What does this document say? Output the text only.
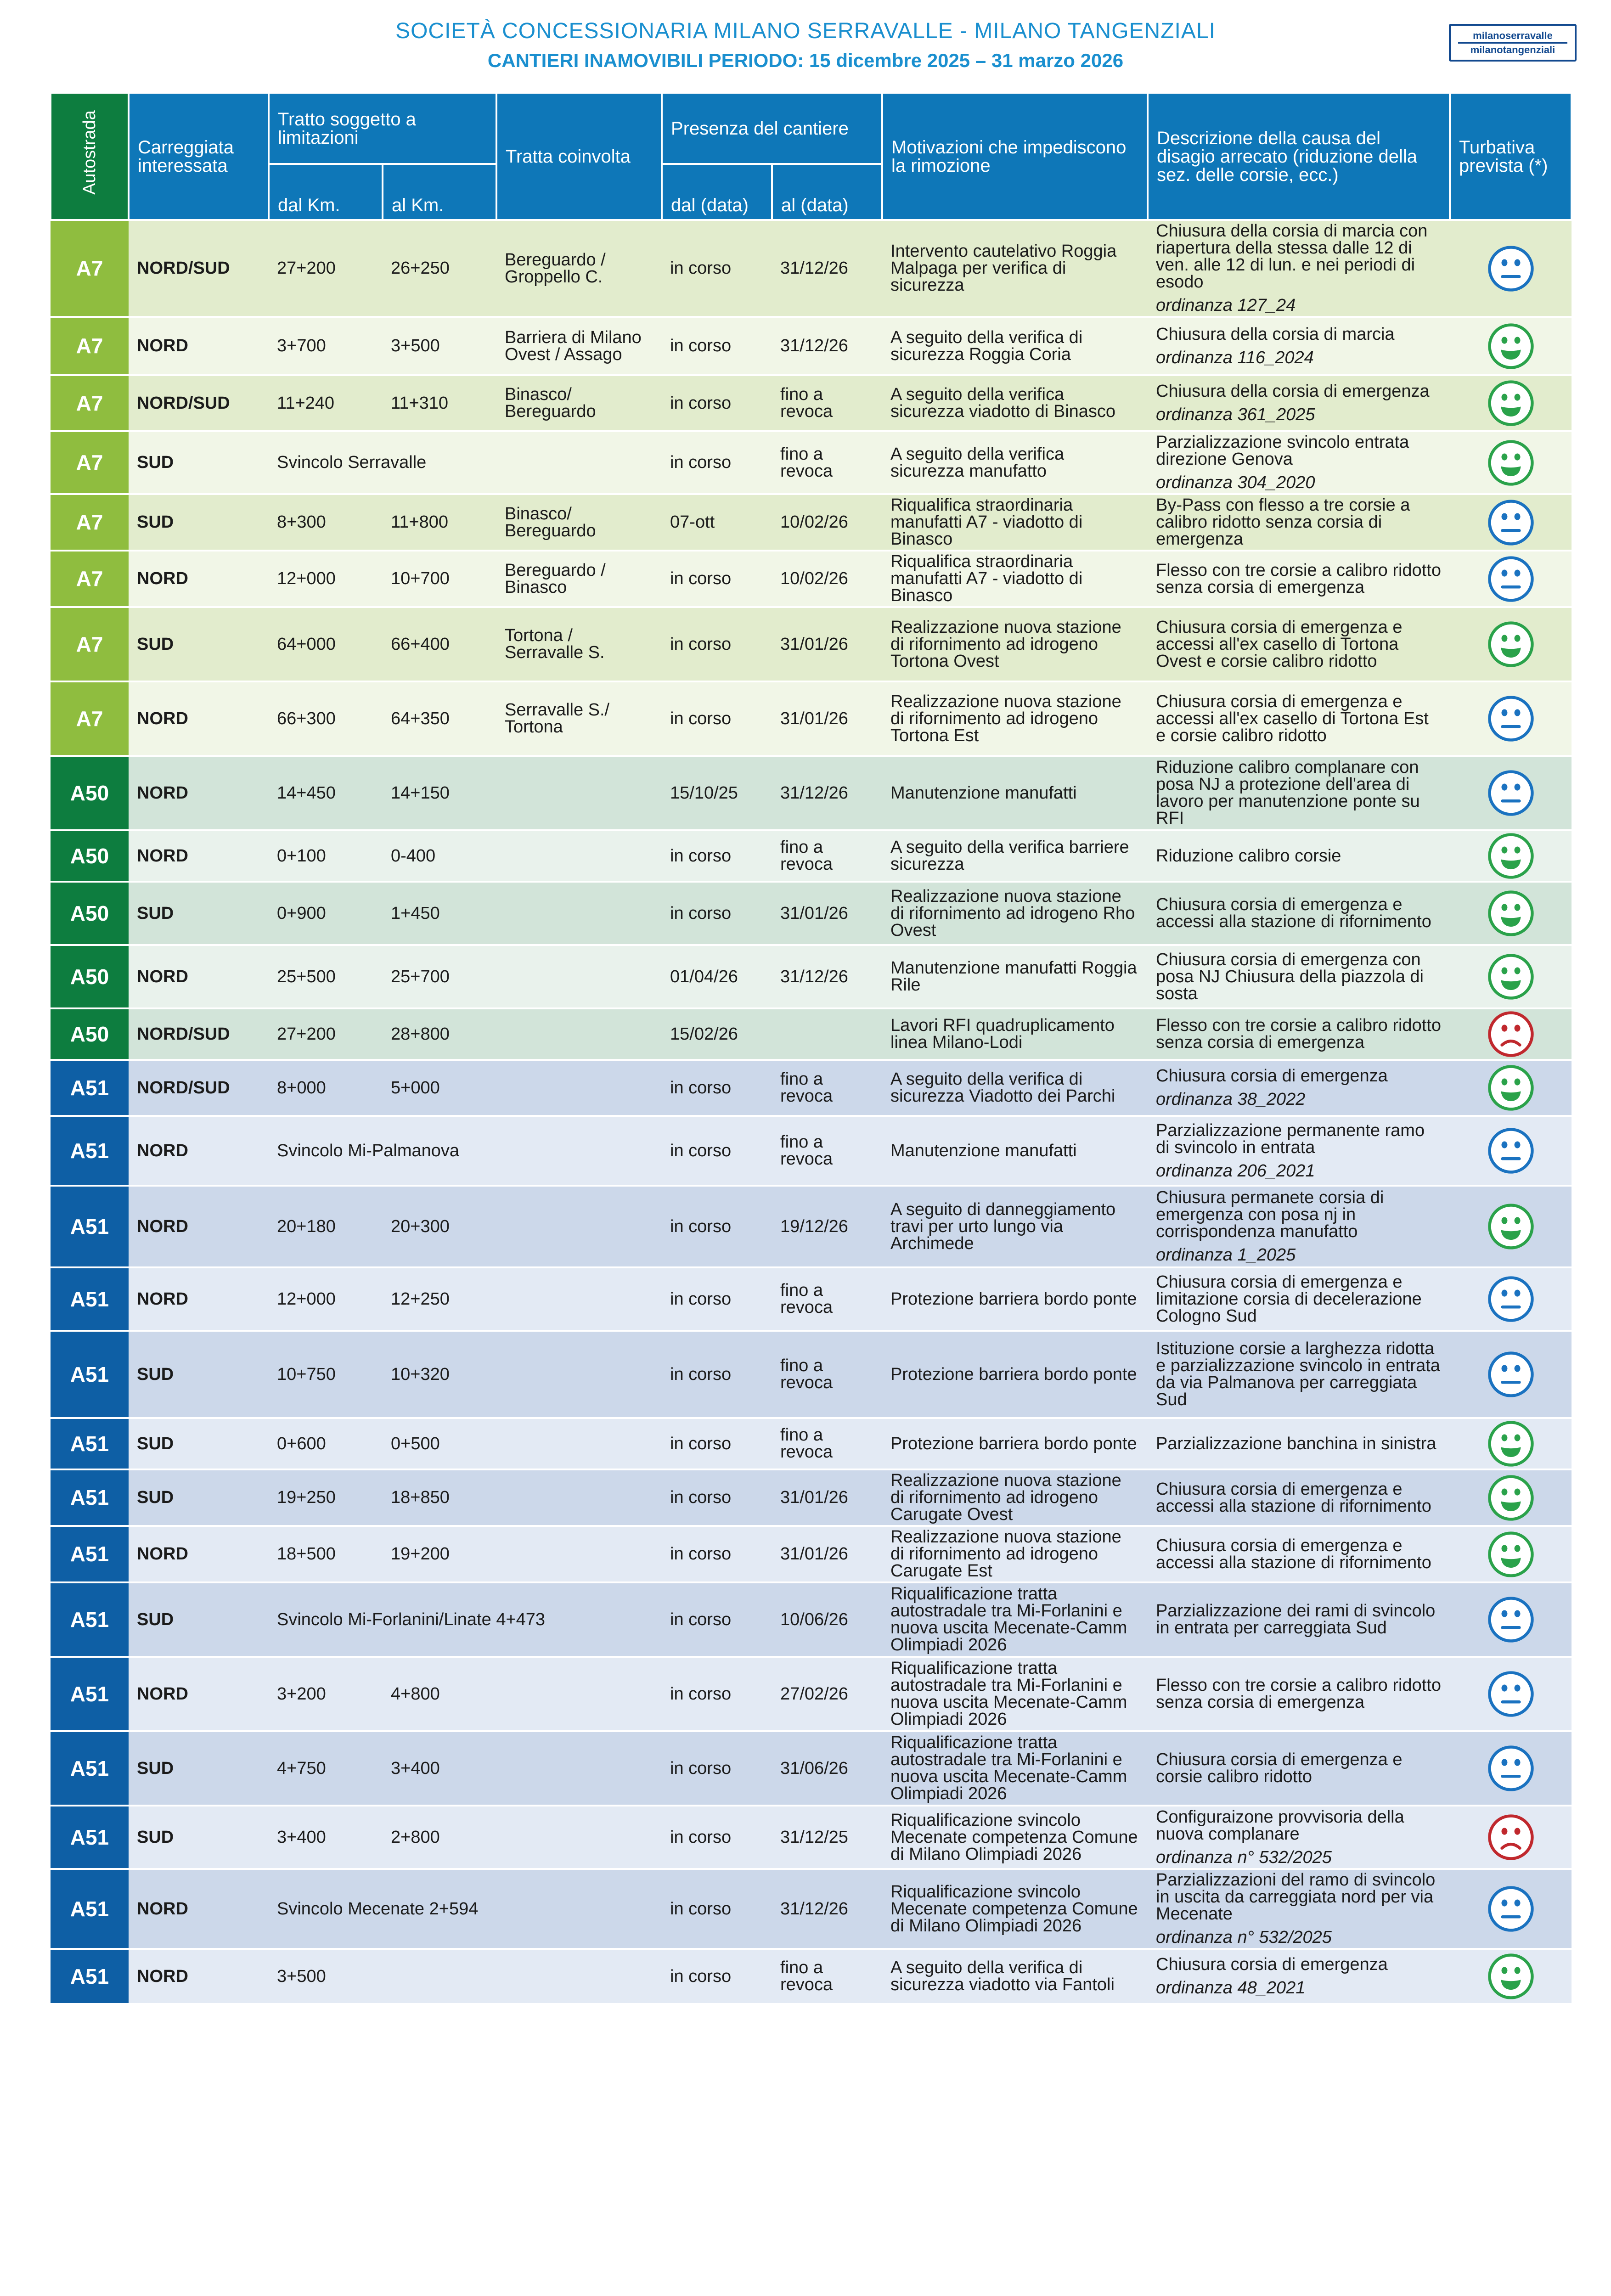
SOCIETÀ CONCESSIONARIA MILANO SERRAVALLE - MILANO TANGENZIALI
CANTIERI INAMOVIBILI PERIODO: 15 dicembre 2025 – 31 marzo 2026
milanoserravalle
milanotangenziali
Autostrada	Carreggiata interessata	Tratto soggetto a limitazioni		Tratta coinvolta	Presenza del cantiere		Motivazioni che impediscono la rimozione	Descrizione della causa del disagio arrecato (riduzione della sez. delle corsie, ecc.)	Turbativa prevista (*)
		dal Km.	al Km.		dal (data)	al (data)			
A7	NORD/SUD	27+200	26+250	Bereguardo / Groppello C.	in corso	31/12/26	Intervento cautelativo Roggia Malpaga per verifica di sicurezza	Chiusura della corsia di marcia con riapertura della stessa dalle 12 di ven. alle 12 di lun. e nei periodi di esodo
ordinanza 127_24

A7	NORD	3+700	3+500	Barriera di Milano Ovest / Assago	in corso	31/12/26	A seguito della verifica di sicurezza Roggia Coria	Chiusura della corsia di marcia
ordinanza 116_2024

A7	NORD/SUD	11+240	11+310	Binasco/ Bereguardo	in corso	fino a revoca	A seguito della verifica sicurezza viadotto di Binasco	Chiusura della corsia di emergenza
ordinanza 361_2025

A7	SUD	Svincolo Serravalle			in corso	fino a revoca	A seguito della verifica sicurezza manufatto	Parzializzazione svincolo entrata direzione Genova
ordinanza 304_2020

A7	SUD	8+300	11+800	Binasco/ Bereguardo	07-ott	10/02/26	Riqualifica straordinaria manufatti A7 - viadotto di Binasco	By-Pass con flesso a tre corsie a calibro ridotto senza corsia di emergenza	
A7	NORD	12+000	10+700	Bereguardo / Binasco	in corso	10/02/26	Riqualifica straordinaria manufatti A7 - viadotto di Binasco	Flesso con tre corsie a calibro ridotto senza corsia di emergenza	
A7	SUD	64+000	66+400	Tortona / Serravalle S.	in corso	31/01/26	Realizzazione nuova stazione di rifornimento ad idrogeno Tortona Ovest	Chiusura corsia di emergenza e accessi all'ex casello di Tortona Ovest e corsie calibro ridotto	
A7	NORD	66+300	64+350	Serravalle S./ Tortona	in corso	31/01/26	Realizzazione nuova stazione di rifornimento ad idrogeno Tortona Est	Chiusura corsia di emergenza e accessi all'ex casello di Tortona Est e corsie calibro ridotto	
A50	NORD	14+450	14+150		15/10/25	31/12/26	Manutenzione manufatti	Riduzione calibro complanare con posa NJ a protezione dell'area di lavoro per manutenzione ponte su RFI	
A50	NORD	0+100	0-400		in corso	fino a revoca	A seguito della verifica barriere sicurezza	Riduzione calibro corsie	
A50	SUD	0+900	1+450		in corso	31/01/26	Realizzazione nuova stazione di rifornimento ad idrogeno Rho Ovest	Chiusura corsia di emergenza e accessi alla stazione di rifornimento	
A50	NORD	25+500	25+700		01/04/26	31/12/26	Manutenzione manufatti Roggia Rile	Chiusura corsia di emergenza con posa NJ Chiusura della piazzola di sosta	
A50	NORD/SUD	27+200	28+800		15/02/26		Lavori RFI quadruplicamento linea Milano-Lodi	Flesso con tre corsie a calibro ridotto senza corsia di emergenza	
A51	NORD/SUD	8+000	5+000		in corso	fino a revoca	A seguito della verifica di sicurezza Viadotto dei Parchi	Chiusura corsia di emergenza
ordinanza 38_2022

A51	NORD	Svincolo Mi-Palmanova			in corso	fino a revoca	Manutenzione manufatti	Parzializzazione permanente ramo di svincolo in entrata
ordinanza 206_2021

A51	NORD	20+180	20+300		in corso	19/12/26	A seguito di danneggiamento travi per urto lungo via Archimede	Chiusura permanete corsia di emergenza con posa nj in corrispondenza manufatto
ordinanza 1_2025

A51	NORD	12+000	12+250		in corso	fino a revoca	Protezione barriera bordo ponte	Chiusura corsia di emergenza e limitazione corsia di decelerazione Cologno Sud	
A51	SUD	10+750	10+320		in corso	fino a revoca	Protezione barriera bordo ponte	Istituzione corsie a larghezza ridotta e parzializzazione svincolo in entrata da via Palmanova per carreggiata Sud	
A51	SUD	0+600	0+500		in corso	fino a revoca	Protezione barriera bordo ponte	Parzializzazione banchina in sinistra	
A51	SUD	19+250	18+850		in corso	31/01/26	Realizzazione nuova stazione di rifornimento ad idrogeno Carugate Ovest	Chiusura corsia di emergenza e accessi alla stazione di rifornimento	
A51	NORD	18+500	19+200		in corso	31/01/26	Realizzazione nuova stazione di rifornimento ad idrogeno Carugate Est	Chiusura corsia di emergenza e accessi alla stazione di rifornimento	
A51	SUD	Svincolo Mi-Forlanini/Linate 4+473			in corso	10/06/26	Riqualificazione tratta autostradale tra Mi-Forlanini e nuova uscita Mecenate-Camm Olimpiadi 2026	Parzializzazione dei rami di svincolo in entrata per carreggiata Sud	
A51	NORD	3+200	4+800		in corso	27/02/26	Riqualificazione tratta autostradale tra Mi-Forlanini e nuova uscita Mecenate-Camm Olimpiadi 2026	Flesso con tre corsie a calibro ridotto senza corsia di emergenza	
A51	SUD	4+750	3+400		in corso	31/06/26	Riqualificazione tratta autostradale tra Mi-Forlanini e nuova uscita Mecenate-Camm Olimpiadi 2026	Chiusura corsia di emergenza e corsie calibro ridotto	
A51	SUD	3+400	2+800		in corso	31/12/25	Riqualificazione svincolo Mecenate competenza Comune di Milano Olimpiadi 2026	Configuraizone provvisoria della nuova complanare
ordinanza n° 532/2025

A51	NORD	Svincolo Mecenate 2+594			in corso	31/12/26	Riqualificazione svincolo Mecenate competenza Comune di Milano Olimpiadi 2026	Parzializzazioni del ramo di svincolo in uscita da carreggiata nord per via Mecenate
ordinanza n° 532/2025

A51	NORD	3+500			in corso	fino a revoca	A seguito della verifica di sicurezza viadotto via Fantoli	Chiusura corsia di emergenza
ordinanza 48_2021
